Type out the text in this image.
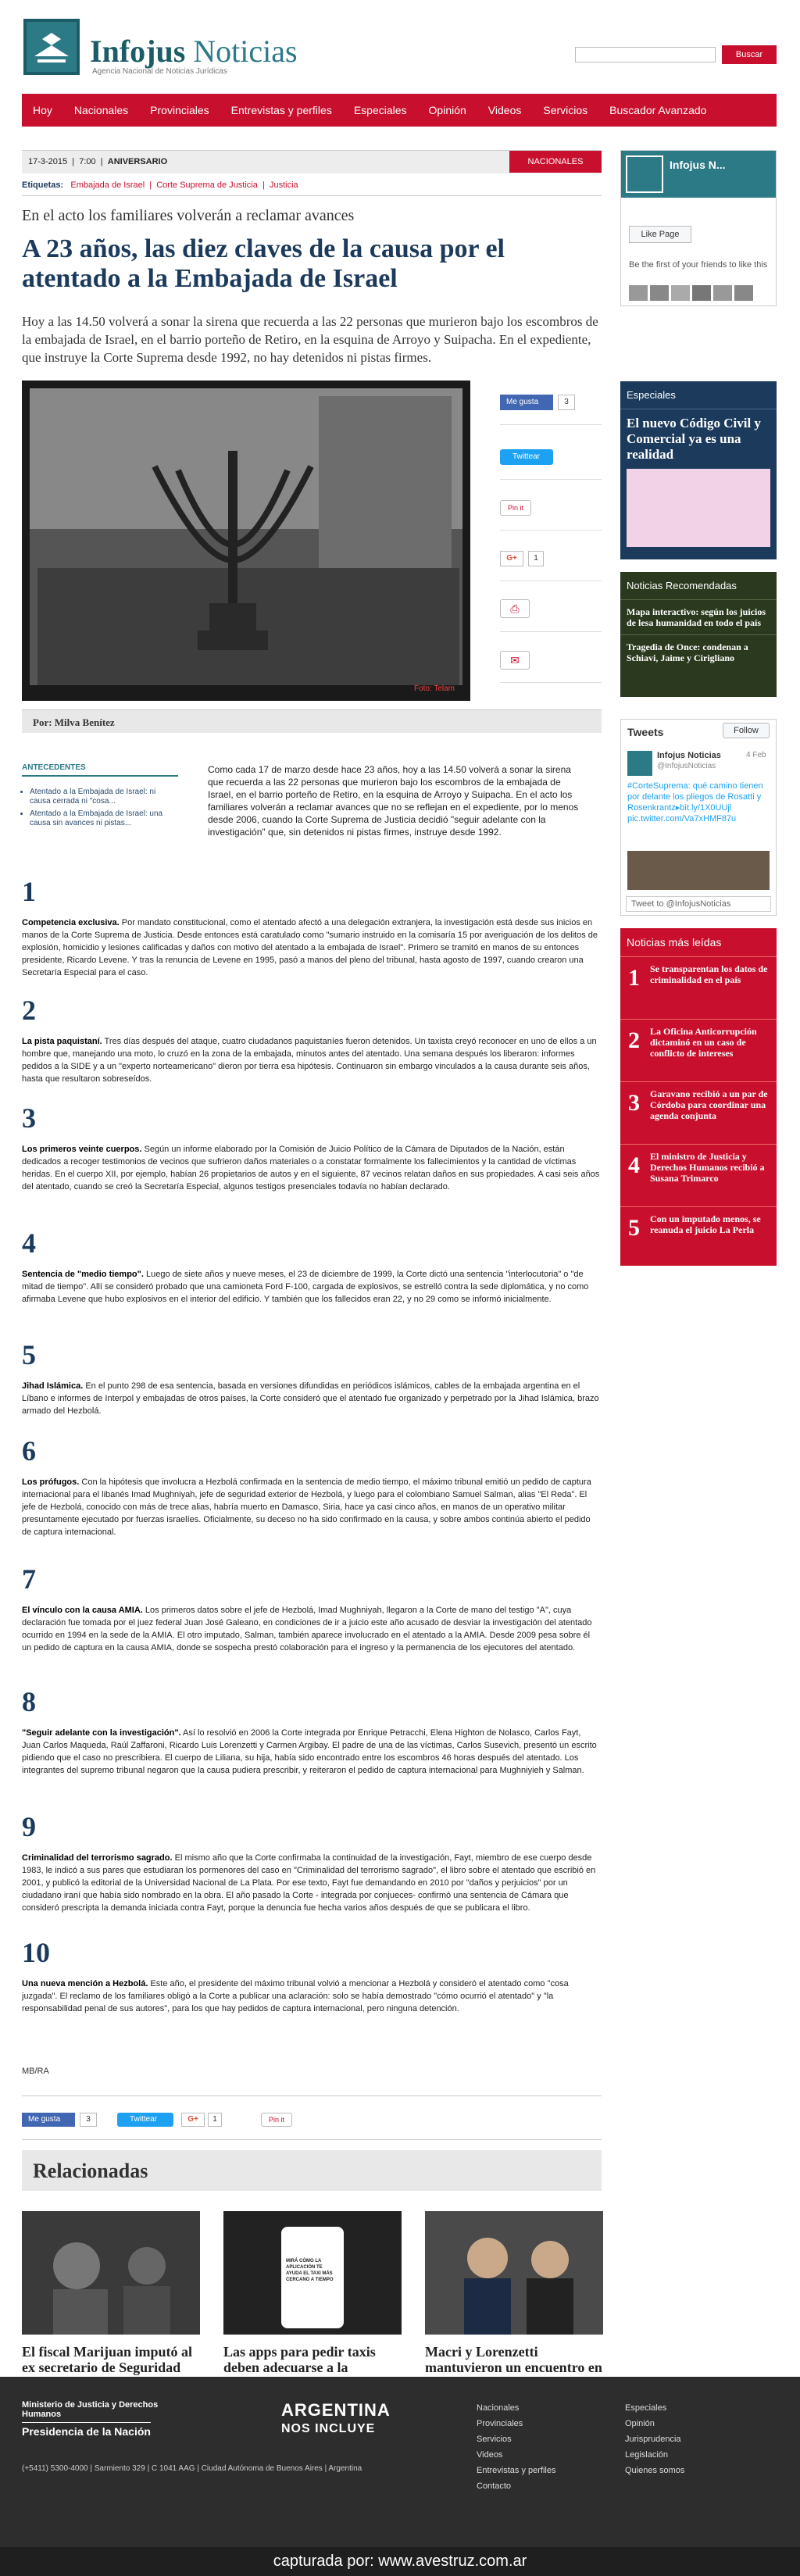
Infojus Noticias
Agencia Nacional de Noticias Jurídicas
Buscar
Hoy	Nacionales	Provinciales	Entrevistas y perfiles	Especiales	Opinión	Videos	Servicios	Buscador Avanzado
17-3-2015  |  7:00  |  ANIVERSARIO	NACIONALES
Etiquetas: Embajada de Israel  |  Corte Suprema de Justicia  |  Justicia
En el acto los familiares volverán a reclamar avances
A 23 años, las diez claves de la causa por el atentado a la Embajada de Israel

Hoy a las 14.50 volverá a sonar la sirena que recuerda a las 22 personas que murieron bajo los escombros de la embajada de Israel, en el barrio porteño de Retiro, en la esquina de Arroyo y Suipacha. En el expediente, que instruye la Corte Suprema desde 1992, no hay detenidos ni pistas firmes.

Foto: Telam
Me gusta	3
Twittear
Pin it
G+	1
⎙
✉
Por: Milva Benítez
ANTECEDENTES
• Atentado a la Embajada de Israel: ni causa cerrada ni "cosa...
• Atentado a la Embajada de Israel: una causa sin avances ni pistas...

Como cada 17 de marzo desde hace 23 años, hoy a las 14.50 volverá a sonar la sirena que recuerda a las 22 personas que murieron bajo los escombros de la embajada de Israel, en el barrio porteño de Retiro, en la esquina de Arroyo y Suipacha. En el acto los familiares volverán a reclamar avances que no se reflejan en el expediente, por lo menos desde 2006, cuando la Corte Suprema de Justicia decidió "seguir adelante con la investigación" que, sin detenidos ni pistas firmes, instruye desde 1992.

1

Competencia exclusiva. Por mandato constitucional, como el atentado afectó a una delegación extranjera, la investigación está desde sus inicios en manos de la Corte Suprema de Justicia. Desde entonces está caratulado como "sumario instruido en la comisaría 15 por averiguación de los delitos de explosión, homicidio y lesiones calificadas y daños con motivo del atentado a la embajada de Israel". Primero se tramitó en manos de su entonces presidente, Ricardo Levene. Y tras la renuncia de Levene en 1995, pasó a manos del pleno del tribunal, hasta agosto de 1997, cuando crearon una Secretaría Especial para el caso.

2

La pista paquistaní. Tres días después del ataque, cuatro ciudadanos paquistaníes fueron detenidos. Un taxista creyó reconocer en uno de ellos a un hombre que, manejando una moto, lo cruzó en la zona de la embajada, minutos antes del atentado. Una semana después los liberaron: informes pedidos a la SIDE y a un "experto norteamericano" dieron por tierra esa hipótesis. Continuaron sin embargo vinculados a la causa durante seis años, hasta que resultaron sobreseídos.

3

Los primeros veinte cuerpos. Según un informe elaborado por la Comisión de Juicio Político de la Cámara de Diputados de la Nación, están dedicados a recoger testimonios de vecinos que sufrieron daños materiales o a constatar formalmente los fallecimientos y la cantidad de víctimas heridas. En el cuerpo XII, por ejemplo, habían 26 propietarios de autos y en el siguiente, 87 vecinos relatan daños en sus propiedades. A casi seis años del atentado, cuando se creó la Secretaría Especial, algunos testigos presenciales todavía no habían declarado.

4

Sentencia de "medio tiempo". Luego de siete años y nueve meses, el 23 de diciembre de 1999, la Corte dictó una sentencia "interlocutoria" o "de mitad de tiempo". Allí se consideró probado que una camioneta Ford F-100, cargada de explosivos, se estrelló contra la sede diplomática, y no como afirmaba Levene que hubo explosivos en el interior del edificio. Y también que los fallecidos eran 22, y no 29 como se informó inicialmente.

5

Jihad Islámica. En el punto 298 de esa sentencia, basada en versiones difundidas en periódicos islámicos, cables de la embajada argentina en el Líbano e informes de Interpol y embajadas de otros países, la Corte consideró que el atentado fue organizado y perpetrado por la Jihad Islámica, brazo armado del Hezbolá.

6

Los prófugos. Con la hipótesis que involucra a Hezbolá confirmada en la sentencia de medio tiempo, el máximo tribunal emitió un pedido de captura internacional para el libanés Imad Mughniyah, jefe de seguridad exterior de Hezbolá, y luego para el colombiano Samuel Salman, alias "El Reda". El jefe de Hezbolá, conocido con más de trece alias, habría muerto en Damasco, Siria, hace ya casi cinco años, en manos de un operativo militar presuntamente ejecutado por fuerzas israelíes. Oficialmente, su deceso no ha sido confirmado en la causa, y sobre ambos continúa abierto el pedido de captura internacional.

7

El vínculo con la causa AMIA. Los primeros datos sobre el jefe de Hezbolá, Imad Mughniyah, llegaron a la Corte de mano del testigo "A", cuya declaración fue tomada por el juez federal Juan José Galeano, en condiciones de ir a juicio este año acusado de desviar la investigación del atentado ocurrido en 1994 en la sede de la AMIA. El otro imputado, Salman, también aparece involucrado en el atentado a la AMIA. Desde 2009 pesa sobre él un pedido de captura en la causa AMIA, donde se sospecha prestó colaboración para el ingreso y la permanencia de los ejecutores del atentado.

8

"Seguir adelante con la investigación". Así lo resolvió en 2006 la Corte integrada por Enrique Petracchi, Elena Highton de Nolasco, Carlos Fayt, Juan Carlos Maqueda, Raúl Zaffaroni, Ricardo Luis Lorenzetti y Carmen Argibay. El padre de una de las víctimas, Carlos Susevich, presentó un escrito pidiendo que el caso no prescribiera. El cuerpo de Liliana, su hija, había sido encontrado entre los escombros 46 horas después del atentado. Los integrantes del supremo tribunal negaron que la causa pudiera prescribir, y reiteraron el pedido de captura internacional para Mughniyieh y Salman.

9

Criminalidad del terrorismo sagrado. El mismo año que la Corte confirmaba la continuidad de la investigación, Fayt, miembro de ese cuerpo desde 1983, le indicó a sus pares que estudiaran los pormenores del caso en "Criminalidad del terrorismo sagrado", el libro sobre el atentado que escribió en 2001, y publicó la editorial de la Universidad Nacional de La Plata. Por ese texto, Fayt fue demandando en 2010 por "daños y perjuicios" por un ciudadano iraní que había sido nombrado en la obra. El año pasado la Corte - integrada por conjueces- confirmó una sentencia de Cámara que consideró prescripta la demanda iniciada contra Fayt, porque la denuncia fue hecha varios años después de que se publicara el libro.

10

Una nueva mención a Hezbolá. Este año, el presidente del máximo tribunal volvió a mencionar a Hezbolá y consideró el atentado como "cosa juzgada". El reclamo de los familiares obligó a la Corte a publicar una aclaración: solo se había demostrado "cómo ocurrió el atentado" y "la responsabilidad penal de sus autores", para los que hay pedidos de captura internacional, pero ninguna detención.

MB/RA
Me gusta	3	Twittear	G+	1	Pin it
Relacionadas
MIRÁ CÓMO LA APLICACIÓN TE AYUDA EL TAXI MÁS CERCANO A TIEMPO
El fiscal Marijuan imputó al ex secretario de Seguridad
Las apps para pedir taxis deben adecuarse a la
Macri y Lorenzetti mantuvieron un encuentro en
Infojus N...
Like Page
Be the first of your friends to like this
Especiales
El nuevo Código Civil y Comercial ya es una realidad
Noticias Recomendadas
Mapa interactivo: según los juicios de lesa humanidad en todo el país
Tragedia de Once: condenan a Schiavi, Jaime y Cirigliano
Tweets	Follow
Infojus Noticias	4 Feb
@InfojusNoticias
#CorteSuprema: qué camino tienen por delante los pliegos de Rosatti y Rosenkrantz▸bit.ly/1X0UUjl pic.twitter.com/Va7xHMF87u
Tweet to @InfojusNoticias
Noticias más leídas
1 Se transparentan los datos de criminalidad en el país
2 La Oficina Anticorrupción dictaminó en un caso de conflicto de intereses
3 Garavano recibió a un par de Córdoba para coordinar una agenda conjunta
4 El ministro de Justicia y Derechos Humanos recibió a Susana Trimarco
5 Con un imputado menos, se reanuda el juicio La Perla
Ministerio de Justicia y Derechos Humanos
Presidencia de la Nación
ARGENTINA
NOS INCLUYE
(+5411) 5300-4000 | Sarmiento 329 | C 1041 AAG | Ciudad Autónoma de Buenos Aires | Argentina
Nacionales
Provinciales
Servicios
Videos
Entrevistas y perfiles
Contacto
Especiales
Opinión
Jurisprudencia
Legislación
Quienes somos
capturada por: www.avestruz.com.ar
